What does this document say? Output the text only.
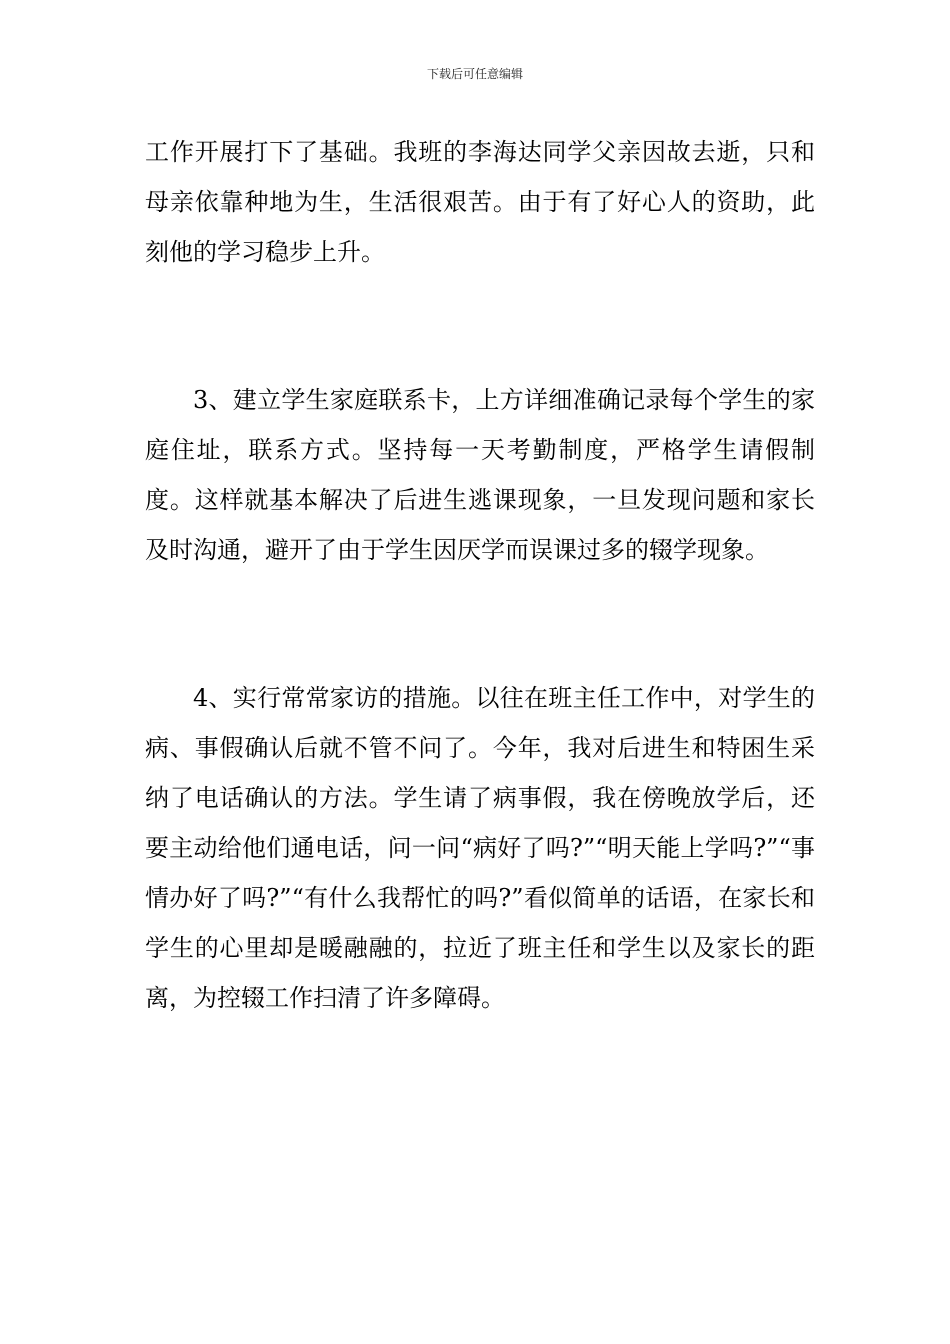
下载后可任意编辑

工作开展打下了基础。我班的李海达同学父亲因故去逝，只和母亲依靠种地为生，生活很艰苦。由于有了好心人的资助，此刻他的学习稳步上升。

3、建立学生家庭联系卡，上方详细准确记录每个学生的家庭住址，联系方式。坚持每一天考勤制度，严格学生请假制度。这样就基本解决了后进生逃课现象，一旦发现问题和家长及时沟通，避开了由于学生因厌学而误课过多的辍学现象。

4、实行常常家访的措施。以往在班主任工作中，对学生的病、事假确认后就不管不问了。今年，我对后进生和特困生采纳了电话确认的方法。学生请了病事假，我在傍晚放学后，还要主动给他们通电话，问一问“病好了吗?”“明天能上学吗?”“事情办好了吗?”“有什么我帮忙的吗?”看似简单的话语，在家长和学生的心里却是暖融融的，拉近了班主任和学生以及家长的距离，为控辍工作扫清了许多障碍。
